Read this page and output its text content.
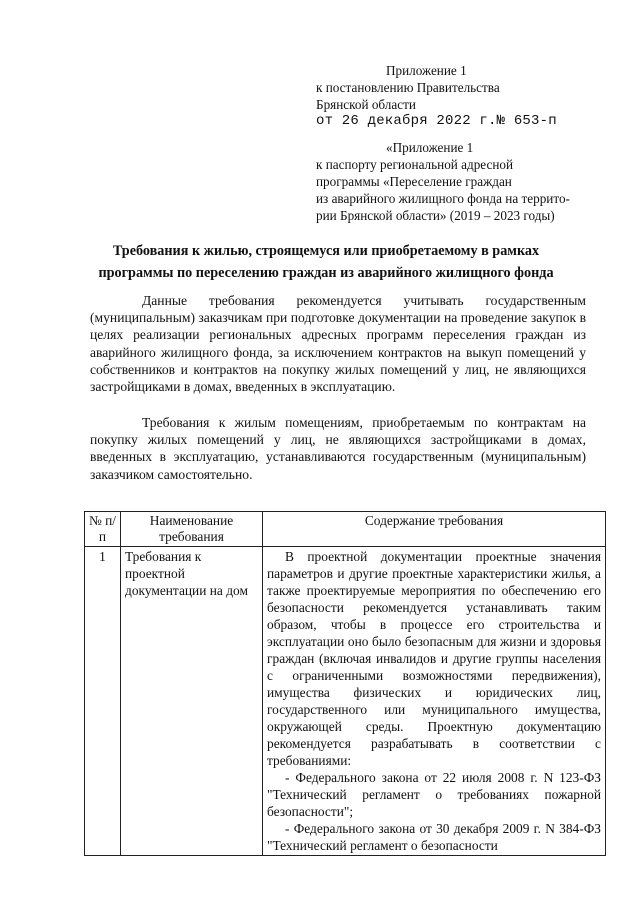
Приложение 1
к постановлению Правительства
Брянской области
от 26 декабря 2022 г.№ 653-п
«Приложение 1
к паспорту региональной адресной
программы «Переселение граждан
из аварийного жилищного фонда на террито-
рии Брянской области» (2019 – 2023 годы)
Требования к жилью, строящемуся или приобретаемому в рамках программы по переселению граждан из аварийного жилищного фонда

Данные требования рекомендуется учитывать государственным (муниципальным) заказчикам при подготовке документации на проведение закупок в целях реализации региональных адресных программ переселения граждан из аварийного жилищного фонда, за исключением контрактов на выкуп помещений у собственников и контрактов на покупку жилых помещений у лиц, не являющихся застройщиками в домах, введенных в эксплуатацию.

Требования к жилым помещениям, приобретаемым по контрактам на покупку жилых помещений у лиц, не являющихся застройщиками в домах, введенных в эксплуатацию, устанавливаются государственным (муниципальным) заказчиком самостоятельно.

№ п/п	Наименование требования	Содержание требования
1	Требования к проектной документации на дом	В проектной документации проектные значения параметров и другие проектные характеристики жилья, а также проектируемые мероприятия по обеспечению его безопасности рекомендуется устанавливать таким образом, чтобы в процессе его строительства и эксплуатации оно было безопасным для жизни и здоровья граждан (включая инвалидов и другие группы населения с ограниченными возможностями передвижения), имущества физических и юридических лиц, государственного или муниципального имущества, окружающей среды. Проектную документацию рекомендуется разрабатывать в соответствии с требованиями:

- Федерального закона от 22 июля 2008 г. N 123-ФЗ "Технический регламент о требованиях пожарной безопасности";

- Федерального закона от 30 декабря 2009 г. N 384-ФЗ "Технический регламент о безопасности
